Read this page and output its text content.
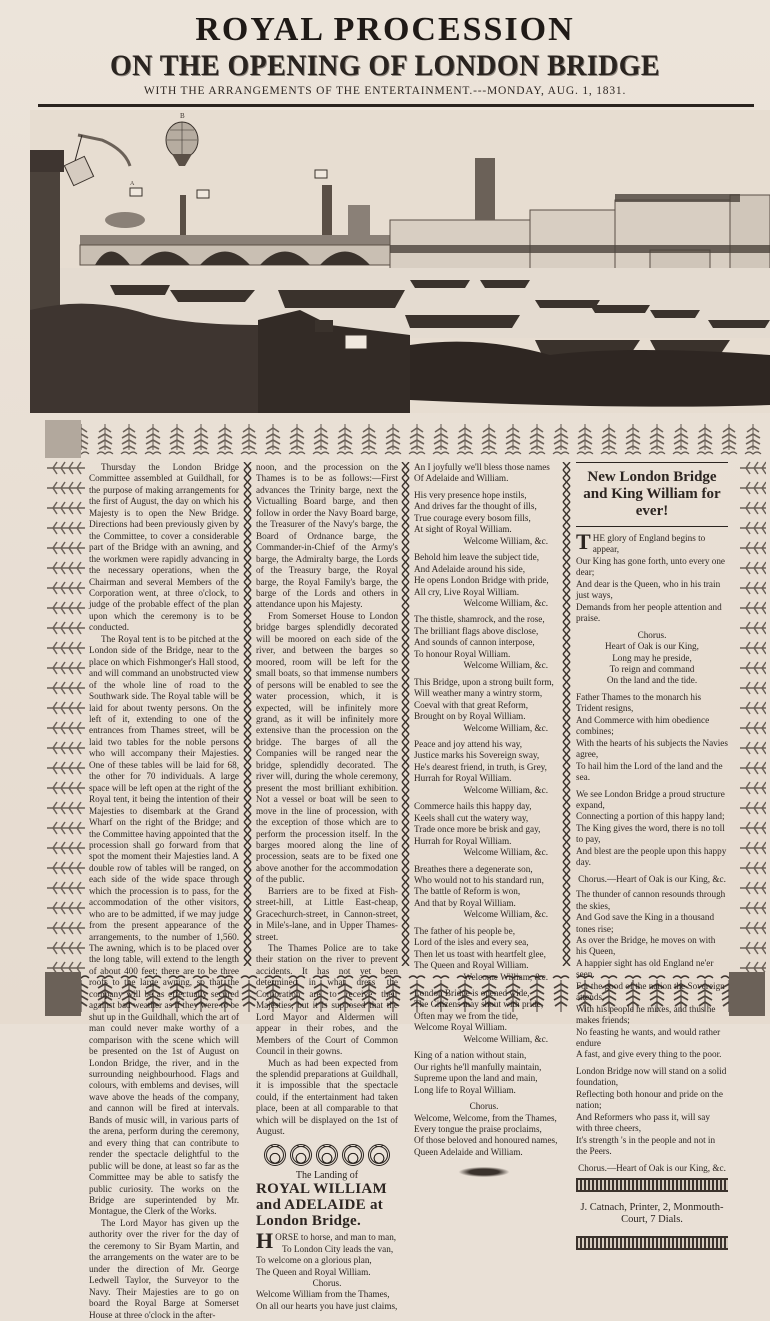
ROYAL PROCESSION
ON THE OPENING OF LONDON BRIDGE
WITH THE ARRANGEMENTS OF THE ENTERTAINMENT.---MONDAY, AUG. 1, 1831.
B
A

Thursday the London Bridge Committee assembled at Guildhall, for the purpose of making arrangements for the first of August, the day on which his Majesty is to open the New Bridge. Directions had been previously given by the Committee, to cover a considerable part of the Bridge with an awning, and the workmen were rapidly advancing in the necessary operations, when the Chairman and several Members of the Corporation went, at three o'clock, to judge of the probable effect of the plan upon which the ceremony is to be conducted.

The Royal tent is to be pitched at the London side of the Bridge, near to the place on which Fishmonger's Hall stood, and will command an unobstructed view of the whole line of road to the Southwark side. The Royal table will be laid for about twenty persons. On the left of it, extending to one of the entrances from Thames street, will be laid two tables for the noble persons who will accompany their Majesties. One of these tables will be laid for 68, the other for 70 individuals. A large space will be left open at the right of the Royal tent, it being the intention of their Majesties to disembark at the Grand Wharf on the right of the Bridge; and the Committee having appointed that the procession shall go forward from that spot the moment their Majesties land. A double row of tables will be ranged, on each side of the wide space through which the procession is to pass, for the accommodation of the other visitors, who are to be admitted, if we may judge from the present appearance of the arrangements, to the number of 1,560. The awning, which is to be placed over the long table, will extend to the length of about 400 feet; there are to be three roofs to the large awning, so that the company will be as effectually secured against bad weather as if they were to be shut up in the Guildhall, which the art of man could never make worthy of a comparison with the scene which will be presented on the 1st of August on London Bridge, the river, and in the surrounding neighbourhood. Flags and colours, with emblems and devises, will wave above the heads of the company, and cannon will be fired at intervals. Bands of music will, in various parts of the arena, perform during the ceremony, and every thing that can contribute to render the spectacle delightful to the public will be done, at least so far as the Committee may be able to satisfy the public curiosity. The works on the Bridge are superintended by Mr. Montague, the Clerk of the Works.

The Lord Mayor has given up the authority over the river for the day of the ceremony to Sir Byam Martin, and the arrangements on the water are to be under the direction of Mr. George Ledwell Taylor, the Surveyor to the Navy. Their Majesties are to go on board the Royal Barge at Somerset House at three o'clock in the after-

noon, and the procession on the Thames is to be as follows:—First advances the Trinity barge, next the Victualling Board barge, and then follow in order the Navy Board barge, the Treasurer of the Navy's barge, the Board of Ordnance barge, the Commander-in-Chief of the Army's barge, the Admiralty barge, the Lords of the Treasury barge, the Royal barge, the Royal Family's barge, the barge of the Lords and others in attendance upon his Majesty.

From Somerset House to London bridge barges splendidly decorated will be moored on each side of the river, and between the barges so moored, room will be left for the small boats, so that immense numbers of persons will be enabled to see the water procession, which, it is expected, will be infinitely more grand, as it will be infinitely more extensive than the procession on the bridge. The barges of all the Companies will be ranged near the bridge, splendidly decorated. The river will, during the whole ceremony, present the most brilliant exhibition. Not a vessel or boat will be seen to move in the line of procession, with the exception of those which are to perform the procession itself. In the barges moored along the line of procession, seats are to be fixed one above another for the accommodation of the public.

Barriers are to be fixed at Fish-street-hill, at Little East-cheap, Gracechurch-street, in Cannon-street, in Mile's-lane, and in Upper Thames-street.

The Thames Police are to take their station on the river to prevent accidents. It has not yet been determined in what dress the Corporation are to receive their Majesties, but it is supposed that the Lord Mayor and Aldermen will appear in their robes, and the Members of the Court of Common Council in their gowns.

Much as had been expected from the splendid preparations at Guildhall, it is impossible that the spectacle could, if the entertainment had taken place, been at all comparable to that which will be displayed on the 1st of August.

The Landing of
ROYAL WILLIAM and ADELAIDE at London Bridge.
H ORSE to horse, and man to man,
To London City leads the van,
To welcome on a glorious plan,
The Queen and Royal William.
Chorus.
Welcome William from the Thames,
On all our hearts you have just claims,
An I joyfully we'll bless those names
Of Adelaide and William.
His very presence hope instils,
And drives far the thought of ills,
True courage every bosom fills,
At sight of Royal William.
Welcome William, &c.
Behold him leave the subject tide,
And Adelaide around his side,
He opens London Bridge with pride,
All cry, Live Royal William.
Welcome William, &c.
The thistle, shamrock, and the rose,
The brilliant flags above disclose,
And sounds of cannon interpose,
To honour Royal William.
Welcome William, &c.
This Bridge, upon a strong built form,
Will weather many a wintry storm,
Coeval with that great Reform,
Brought on by Royal William.
Welcome William, &c.
Peace and joy attend his way,
Justice marks his Sovereign sway,
He's dearest friend, in truth, is Grey,
Hurrah for Royal William.
Welcome William, &c.
Commerce hails this happy day,
Keels shall cut the watery way,
Trade once more be brisk and gay,
Hurrah for Royal William.
Welcome William, &c.
Breathes there a degenerate son,
Who would not to his standard run,
The battle of Reform is won,
And that by Royal William.
Welcome William, &c.
The father of his people be,
Lord of the isles and every sea,
Then let us toast with heartfelt glee,
The Queen and Royal William.
Welcome William, &c.
London Bridge is opened wide,
The Citizens may shout with pride,
Often may we from the tide,
Welcome Royal William.
Welcome William, &c.
King of a nation without stain,
Our rights he'll manfully maintain,
Supreme upon the land and main,
Long life to Royal William.
Chorus.
Welcome, Welcome, from the Thames,
Every tongue the praise proclaims,
Of those beloved and honoured names,
Queen Adelaide and William.
New London Bridge and King William for ever!
T HE glory of England begins to appear,
Our King has gone forth, unto every one dear;
And dear is the Queen, who in his train just ways,
Demands from her people attention and praise.
Chorus.
Heart of Oak is our King,
Long may he preside,
To reign and command
On the land and the tide.
Father Thames to the monarch his Trident resigns,
And Commerce with him obedience combines;
With the hearts of his subjects the Navies agree,
To hail him the Lord of the land and the sea.
We see London Bridge a proud structure expand,
Connecting a portion of this happy land;
The King gives the word, there is no toll to pay,
And blest are the people upon this happy day.
Chorus.—Heart of Oak is our King, &c.
The thunder of cannon resounds through the skies,
And God save the King in a thousand tones rise;
As over the Bridge, he moves on with his Queen,
A happier sight has old England ne'er seen.
For the good of the nation the Sovereign attends,
With his people he mixes, and thus he makes friends;
No feasting he wants, and would rather endure
A fast, and give every thing to the poor.
London Bridge now will stand on a solid foundation,
Reflecting both honour and pride on the nation;
And Reformers who pass it, will say with three cheers,
It's strength 's in the people and not in the Peers.
Chorus.—Heart of Oak is our King, &c.
J. Catnach, Printer, 2, Monmouth-Court, 7 Dials.
